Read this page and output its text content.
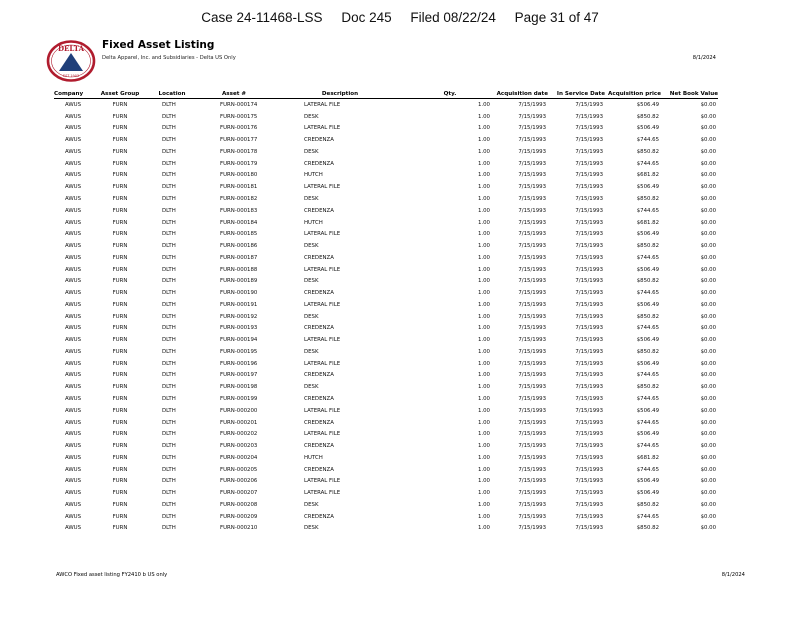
Case 24-11468-LSS     Doc 245     Filed 08/22/24     Page 31 of 47
DELTA
EST 1903
Fixed Asset Listing
Delta Apparel, Inc. and Subsidiaries - Delta US Only	8/1/2024
Company	Asset Group	Location	Asset #	Description	Qty.	Acquisition date	In Service Date	Acquisition price	Net Book Value
AWUS	FURN	DLTH	FURN-000174	LATERAL FILE	1.00	7/15/1993	7/15/1993	$506.49	$0.00
AWUS	FURN	DLTH	FURN-000175	DESK	1.00	7/15/1993	7/15/1993	$850.82	$0.00
AWUS	FURN	DLTH	FURN-000176	LATERAL FILE	1.00	7/15/1993	7/15/1993	$506.49	$0.00
AWUS	FURN	DLTH	FURN-000177	CREDENZA	1.00	7/15/1993	7/15/1993	$744.65	$0.00
AWUS	FURN	DLTH	FURN-000178	DESK	1.00	7/15/1993	7/15/1993	$850.82	$0.00
AWUS	FURN	DLTH	FURN-000179	CREDENZA	1.00	7/15/1993	7/15/1993	$744.65	$0.00
AWUS	FURN	DLTH	FURN-000180	HUTCH	1.00	7/15/1993	7/15/1993	$681.82	$0.00
AWUS	FURN	DLTH	FURN-000181	LATERAL FILE	1.00	7/15/1993	7/15/1993	$506.49	$0.00
AWUS	FURN	DLTH	FURN-000182	DESK	1.00	7/15/1993	7/15/1993	$850.82	$0.00
AWUS	FURN	DLTH	FURN-000183	CREDENZA	1.00	7/15/1993	7/15/1993	$744.65	$0.00
AWUS	FURN	DLTH	FURN-000184	HUTCH	1.00	7/15/1993	7/15/1993	$681.82	$0.00
AWUS	FURN	DLTH	FURN-000185	LATERAL FILE	1.00	7/15/1993	7/15/1993	$506.49	$0.00
AWUS	FURN	DLTH	FURN-000186	DESK	1.00	7/15/1993	7/15/1993	$850.82	$0.00
AWUS	FURN	DLTH	FURN-000187	CREDENZA	1.00	7/15/1993	7/15/1993	$744.65	$0.00
AWUS	FURN	DLTH	FURN-000188	LATERAL FILE	1.00	7/15/1993	7/15/1993	$506.49	$0.00
AWUS	FURN	DLTH	FURN-000189	DESK	1.00	7/15/1993	7/15/1993	$850.82	$0.00
AWUS	FURN	DLTH	FURN-000190	CREDENZA	1.00	7/15/1993	7/15/1993	$744.65	$0.00
AWUS	FURN	DLTH	FURN-000191	LATERAL FILE	1.00	7/15/1993	7/15/1993	$506.49	$0.00
AWUS	FURN	DLTH	FURN-000192	DESK	1.00	7/15/1993	7/15/1993	$850.82	$0.00
AWUS	FURN	DLTH	FURN-000193	CREDENZA	1.00	7/15/1993	7/15/1993	$744.65	$0.00
AWUS	FURN	DLTH	FURN-000194	LATERAL FILE	1.00	7/15/1993	7/15/1993	$506.49	$0.00
AWUS	FURN	DLTH	FURN-000195	DESK	1.00	7/15/1993	7/15/1993	$850.82	$0.00
AWUS	FURN	DLTH	FURN-000196	LATERAL FILE	1.00	7/15/1993	7/15/1993	$506.49	$0.00
AWUS	FURN	DLTH	FURN-000197	CREDENZA	1.00	7/15/1993	7/15/1993	$744.65	$0.00
AWUS	FURN	DLTH	FURN-000198	DESK	1.00	7/15/1993	7/15/1993	$850.82	$0.00
AWUS	FURN	DLTH	FURN-000199	CREDENZA	1.00	7/15/1993	7/15/1993	$744.65	$0.00
AWUS	FURN	DLTH	FURN-000200	LATERAL FILE	1.00	7/15/1993	7/15/1993	$506.49	$0.00
AWUS	FURN	DLTH	FURN-000201	CREDENZA	1.00	7/15/1993	7/15/1993	$744.65	$0.00
AWUS	FURN	DLTH	FURN-000202	LATERAL FILE	1.00	7/15/1993	7/15/1993	$506.49	$0.00
AWUS	FURN	DLTH	FURN-000203	CREDENZA	1.00	7/15/1993	7/15/1993	$744.65	$0.00
AWUS	FURN	DLTH	FURN-000204	HUTCH	1.00	7/15/1993	7/15/1993	$681.82	$0.00
AWUS	FURN	DLTH	FURN-000205	CREDENZA	1.00	7/15/1993	7/15/1993	$744.65	$0.00
AWUS	FURN	DLTH	FURN-000206	LATERAL FILE	1.00	7/15/1993	7/15/1993	$506.49	$0.00
AWUS	FURN	DLTH	FURN-000207	LATERAL FILE	1.00	7/15/1993	7/15/1993	$506.49	$0.00
AWUS	FURN	DLTH	FURN-000208	DESK	1.00	7/15/1993	7/15/1993	$850.82	$0.00
AWUS	FURN	DLTH	FURN-000209	CREDENZA	1.00	7/15/1993	7/15/1993	$744.65	$0.00
AWUS	FURN	DLTH	FURN-000210	DESK	1.00	7/15/1993	7/15/1993	$850.82	$0.00
AWCO Fixed asset listing FY2410 b US only	8/1/2024
